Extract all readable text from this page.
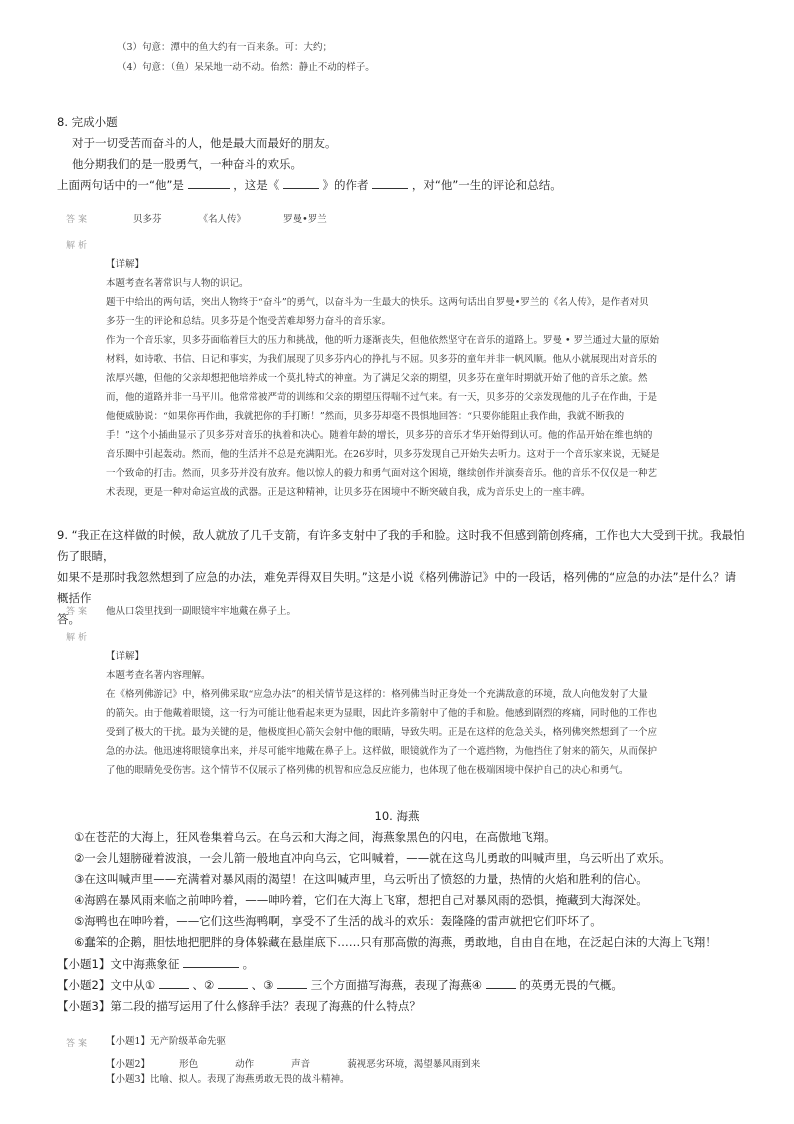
（3）句意：潭中的鱼大约有一百来条。可：大约；
（4）句意：（鱼）呆呆地一动不动。佁然：静止不动的样子。
8. 完成小题
对于一切受苦而奋斗的人，他是最大而最好的朋友。
他分期我们的是一股勇气，一种奋斗的欢乐。
上面两句话中的一“他”是	，这是《	》的作者	，对“他”一生的评论和总结。
答案	贝多芬	《名人传》	罗曼•罗兰
解析
【详解】
本题考查名著常识与人物的识记。
题干中给出的两句话，突出人物终于“奋斗”的勇气，以奋斗为一生最大的快乐。这两句话出自罗曼•罗兰的《名人传》，是作者对贝
多芬一生的评论和总结。贝多芬是个饱受苦难却努力奋斗的音乐家。
作为一个音乐家，贝多芬面临着巨大的压力和挑战，他的听力逐渐丧失，但他依然坚守在音乐的道路上。罗曼 • 罗兰通过大量的原始
材料，如诗歌、书信、日记和事实，为我们展现了贝多芬内心的挣扎与不屈。贝多芬的童年并非一帆风顺。他从小就展现出对音乐的
浓厚兴趣，但他的父亲却想把他培养成一个莫扎特式的神童。为了满足父亲的期望，贝多芬在童年时期就开始了他的音乐之旅。然
而，他的道路并非一马平川。他常常被严苛的训练和父亲的期望压得喘不过气来。有一天，贝多芬的父亲发现他的儿子在作曲，于是
他便威胁说：“如果你再作曲，我就把你的手打断！”然而，贝多芬却毫不畏惧地回答：“只要你能阻止我作曲，我就不断我的
手！”这个小插曲显示了贝多芬对音乐的执着和决心。随着年龄的增长，贝多芬的音乐才华开始得到认可。他的作品开始在维也纳的
音乐圈中引起轰动。然而，他的生活并不总是充满阳光。在26岁时，贝多芬发现自己开始失去听力。这对于一个音乐家来说，无疑是
一个致命的打击。然而，贝多芬并没有放弃。他以惊人的毅力和勇气面对这个困境，继续创作并演奏音乐。他的音乐不仅仅是一种艺
术表现，更是一种对命运宣战的武器。正是这种精神，让贝多芬在困境中不断突破自我，成为音乐史上的一座丰碑。
9. “我正在这样做的时候，敌人就放了几千支箭，有许多支射中了我的手和脸。这时我不但感到箭创疼痛，工作也大大受到干扰。我最怕伤了眼睛，
如果不是那时我忽然想到了应急的办法，难免弄得双目失明。”这是小说《格列佛游记》中的一段话，格列佛的“应急的办法”是什么？请概括作
答。
答案 他从口袋里找到一副眼镜牢牢地戴在鼻子上。
解析
【详解】
本题考查名著内容理解。
在《格列佛游记》中，格列佛采取“应急办法”的相关情节是这样的：格列佛当时正身处一个充满敌意的环境，敌人向他发射了大量
的箭矢。由于他戴着眼镜，这一行为可能让他看起来更为显眼，因此许多箭射中了他的手和脸。他感到剧烈的疼痛，同时他的工作也
受到了极大的干扰。最为关键的是，他极度担心箭矢会射中他的眼睛，导致失明。正是在这样的危急关头，格列佛突然想到了一个应
急的办法。他迅速将眼镜拿出来，并尽可能牢地戴在鼻子上。这样做，眼镜就作为了一个遮挡物，为他挡住了射来的箭矢，从而保护
了他的眼睛免受伤害。这个情节不仅展示了格列佛的机智和应急反应能力，也体现了他在极端困境中保护自己的决心和勇气。
10. 海燕
①在苍茫的大海上，狂风卷集着乌云。在乌云和大海之间，海燕象黑色的闪电，在高傲地飞翔。
②一会儿翅膀碰着波浪，一会儿箭一般地直冲向乌云，它叫喊着，——就在这鸟儿勇敢的叫喊声里，乌云听出了欢乐。
③在这叫喊声里——充满着对暴风雨的渴望！在这叫喊声里，乌云听出了愤怒的力量，热情的火焰和胜利的信心。
④海鸥在暴风雨来临之前呻吟着，——呻吟着，它们在大海上飞窜，想把自己对暴风雨的恐惧，掩藏到大海深处。
⑤海鸭也在呻吟着，——它们这些海鸭啊，享受不了生活的战斗的欢乐：轰隆隆的雷声就把它们吓坏了。
⑥蠢笨的企鹅，胆怯地把肥胖的身体躲藏在悬崖底下……只有那高傲的海燕，勇敢地，自由自在地，在泛起白沫的大海上飞翔！
【小题1】文中海燕象征	。
【小题2】文中从①	、②	、③	三个方面描写海燕，表现了海燕④	的英勇无畏的气概。
【小题3】第二段的描写运用了什么修辞手法？表现了海燕的什么特点？
答案 【小题1】无产阶级革命先驱
【小题2】	形色	动作	声音	藐视恶劣环境，渴望暴风雨到来
【小题3】比喻、拟人。表现了海燕勇敢无畏的战斗精神。
